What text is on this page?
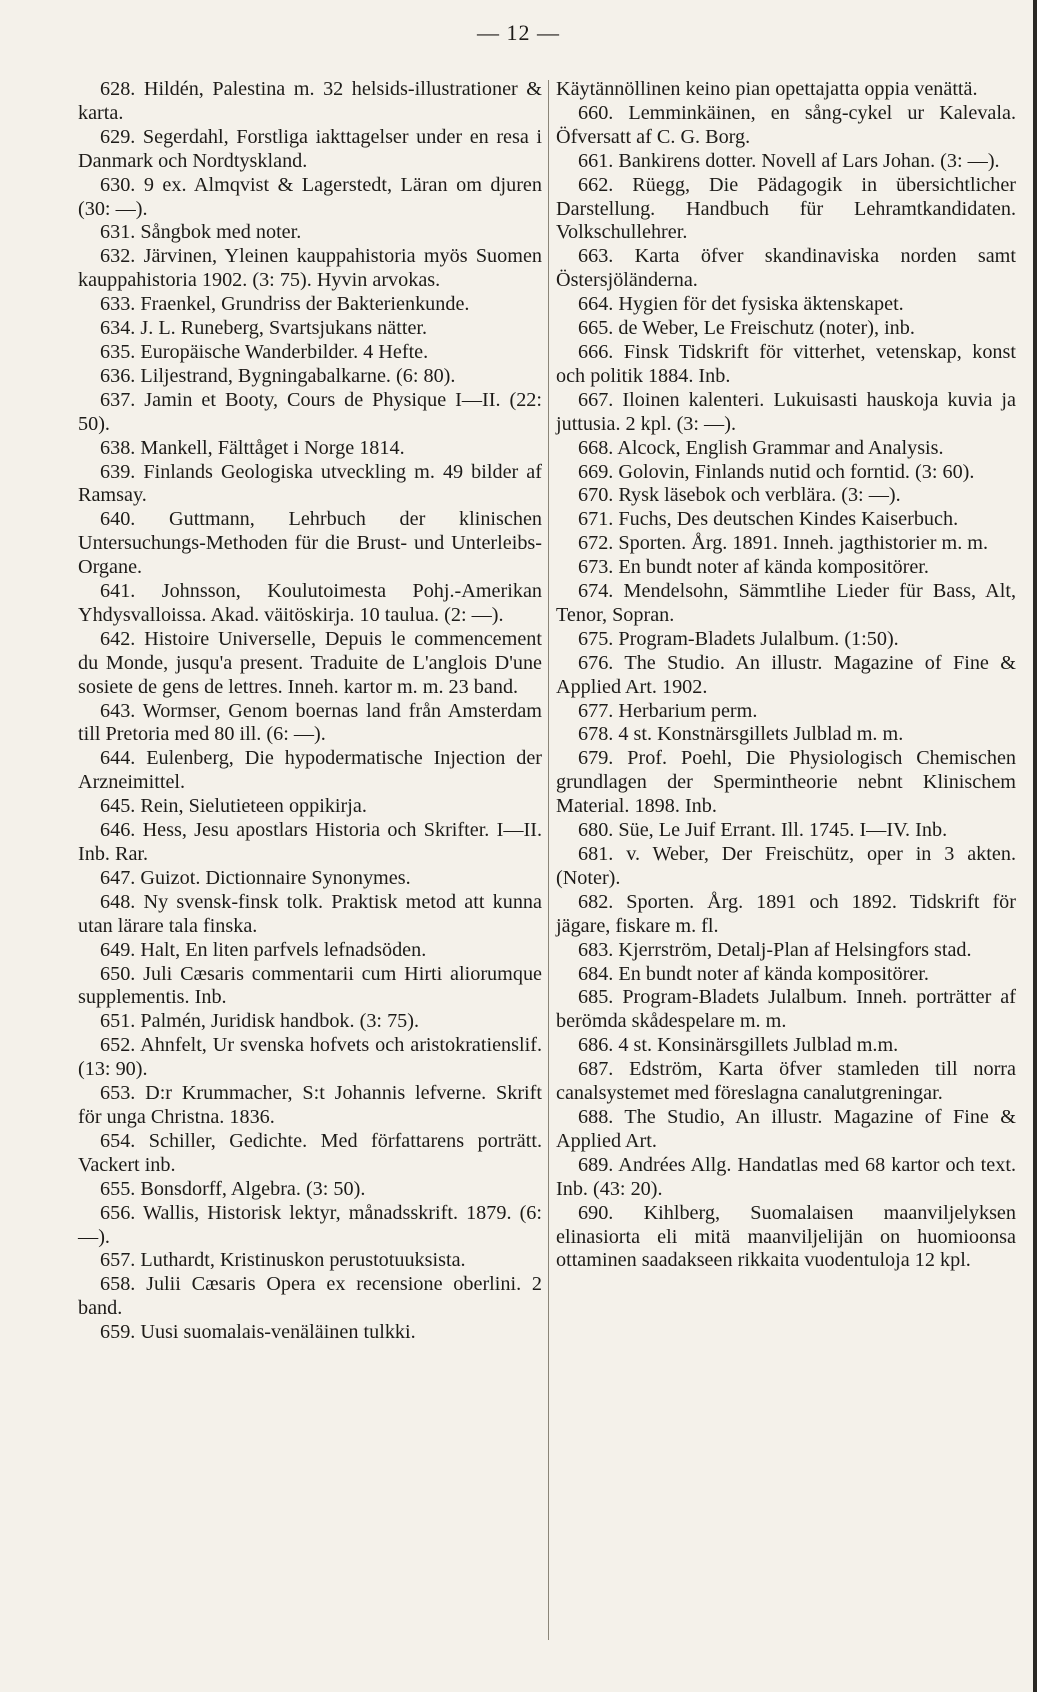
— 12 —

628. Hildén, Palestina m. 32 helsids-illustrationer & karta.

629. Segerdahl, Forstliga iakttagelser under en resa i Danmark och Nordtyskland.

630. 9 ex. Almqvist & Lagerstedt, Läran om djuren (30: —).

631. Sångbok med noter.

632. Järvinen, Yleinen kauppahistoria myös Suomen kauppahistoria 1902. (3: 75). Hyvin arvokas.

633. Fraenkel, Grundriss der Bakterienkunde.

634. J. L. Runeberg, Svartsjukans nätter.

635. Europäische Wanderbilder. 4 Hefte.

636. Liljestrand, Bygningabalkarne. (6: 80).

637. Jamin et Booty, Cours de Physique I—II. (22: 50).

638. Mankell, Fälttåget i Norge 1814.

639. Finlands Geologiska utveckling m. 49 bilder af Ramsay.

640. Guttmann, Lehrbuch der klinischen Untersuchungs-Methoden für die Brust- und Unterleibs-Organe.

641. Johnsson, Koulutoimesta Pohj.-Amerikan Yhdysvalloissa. Akad. väitöskirja. 10 taulua. (2: —).

642. Histoire Universelle, Depuis le commencement du Monde, jusqu'a present. Traduite de L'anglois D'une sosiete de gens de lettres. Inneh. kartor m. m. 23 band.

643. Wormser, Genom boernas land från Amsterdam till Pretoria med 80 ill. (6: —).

644. Eulenberg, Die hypodermatische Injection der Arzneimittel.

645. Rein, Sielutieteen oppikirja.

646. Hess, Jesu apostlars Historia och Skrifter. I—II. Inb. Rar.

647. Guizot. Dictionnaire Synonymes.

648. Ny svensk-finsk tolk. Praktisk metod att kunna utan lärare tala finska.

649. Halt, En liten parfvels lefnadsöden.

650. Juli Cæsaris commentarii cum Hirti aliorumque supplementis. Inb.

651. Palmén, Juridisk handbok. (3: 75).

652. Ahnfelt, Ur svenska hofvets och aristokratienslif. (13: 90).

653. D:r Krummacher, S:t Johannis lefverne. Skrift för unga Christna. 1836.

654. Schiller, Gedichte. Med författarens porträtt. Vackert inb.

655. Bonsdorff, Algebra. (3: 50).

656. Wallis, Historisk lektyr, månadsskrift. 1879. (6: —).

657. Luthardt, Kristinuskon perustotuuksista.

658. Julii Cæsaris Opera ex recensione oberlini. 2 band.

659. Uusi suomalais-venäläinen tulkki.

Käytännöllinen keino pian opettajatta oppia venättä.

660. Lemminkäinen, en sång-cykel ur Kalevala. Öfversatt af C. G. Borg.

661. Bankirens dotter. Novell af Lars Johan. (3: —).

662. Rüegg, Die Pädagogik in übersichtlicher Darstellung. Handbuch für Lehramtkandidaten. Volkschullehrer.

663. Karta öfver skandinaviska norden samt Östersjöländerna.

664. Hygien för det fysiska äktenskapet.

665. de Weber, Le Freischutz (noter), inb.

666. Finsk Tidskrift för vitterhet, vetenskap, konst och politik 1884. Inb.

667. Iloinen kalenteri. Lukuisasti hauskoja kuvia ja juttusia. 2 kpl. (3: —).

668. Alcock, English Grammar and Analysis.

669. Golovin, Finlands nutid och forntid. (3: 60).

670. Rysk läsebok och verblära. (3: —).

671. Fuchs, Des deutschen Kindes Kaiserbuch.

672. Sporten. Årg. 1891. Inneh. jagthistorier m. m.

673. En bundt noter af kända kompositörer.

674. Mendelsohn, Sämmtlihe Lieder für Bass, Alt, Tenor, Sopran.

675. Program-Bladets Julalbum. (1:50).

676. The Studio. An illustr. Magazine of Fine & Applied Art. 1902.

677. Herbarium perm.

678. 4 st. Konstnärsgillets Julblad m. m.

679. Prof. Poehl, Die Physiologisch Chemischen grundlagen der Spermintheorie nebnt Klinischem Material. 1898. Inb.

680. Süe, Le Juif Errant. Ill. 1745. I—IV. Inb.

681. v. Weber, Der Freischütz, oper in 3 akten. (Noter).

682. Sporten. Årg. 1891 och 1892. Tidskrift för jägare, fiskare m. fl.

683. Kjerrström, Detalj-Plan af Helsingfors stad.

684. En bundt noter af kända kompositörer.

685. Program-Bladets Julalbum. Inneh. porträtter af berömda skådespelare m. m.

686. 4 st. Konsinärsgillets Julblad m.m.

687. Edström, Karta öfver stamleden till norra canalsystemet med föreslagna canalutgreningar.

688. The Studio, An illustr. Magazine of Fine & Applied Art.

689. Andrées Allg. Handatlas med 68 kartor och text. Inb. (43: 20).

690. Kihlberg, Suomalaisen maanviljelyksen elinasiorta eli mitä maanviljelijän on huomioonsa ottaminen saadakseen rikkaita vuodentuloja 12 kpl.
